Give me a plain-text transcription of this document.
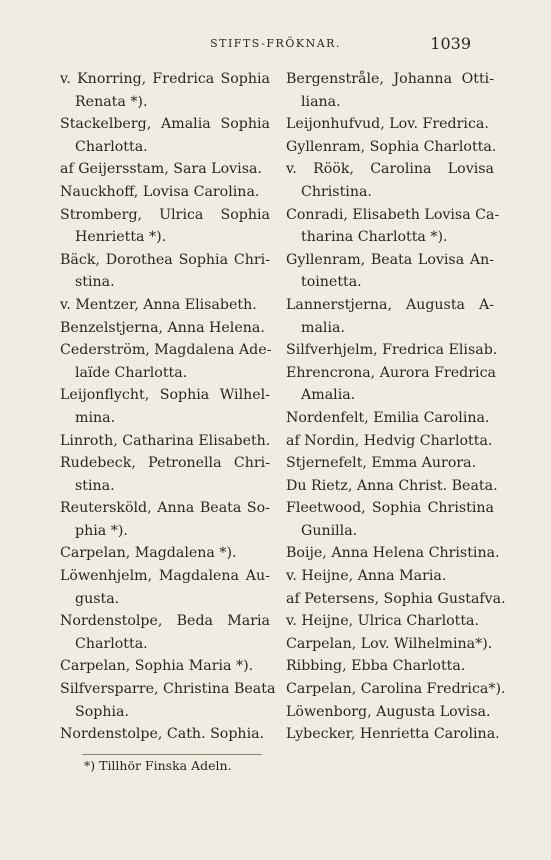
STIFTS-FRÖKNAR.	1039
v. Knorring, Fredrica Sophia
Renata *).
Stackelberg, Amalia Sophia
Charlotta.
af Geijersstam, Sara Lovisa.
Nauckhoff, Lovisa Carolina.
Stromberg, Ulrica Sophia
Henrietta *).
Bäck, Dorothea Sophia Chri-
stina.
v. Mentzer, Anna Elisabeth.
Benzelstjerna, Anna Helena.
Cederström, Magdalena Ade-
laïde Charlotta.
Leijonflycht, Sophia Wilhel-
mina.
Linroth, Catharina Elisabeth.
Rudebeck, Petronella Chri-
stina.
Reutersköld, Anna Beata So-
phia *).
Carpelan, Magdalena *).
Löwenhjelm, Magdalena Au-
gusta.
Nordenstolpe, Beda Maria
Charlotta.
Carpelan, Sophia Maria *).
Silfversparre, Christina Beata
Sophia.
Nordenstolpe, Cath. Sophia.
Bergenstråle, Johanna Otti-
liana.
Leijonhufvud, Lov. Fredrica.
Gyllenram, Sophia Charlotta.
v. Röök, Carolina Lovisa
Christina.
Conradi, Elisabeth Lovisa Ca-
tharina Charlotta *).
Gyllenram, Beata Lovisa An-
toinetta.
Lannerstjerna, Augusta A-
malia.
Silfverhjelm, Fredrica Elisab.
Ehrencrona, Aurora Fredrica
Amalia.
Nordenfelt, Emilia Carolina.
af Nordin, Hedvig Charlotta.
Stjernefelt, Emma Aurora.
Du Rietz, Anna Christ. Beata.
Fleetwood, Sophia Christina
Gunilla.
Boije, Anna Helena Christina.
v. Heijne, Anna Maria.
af Petersens, Sophia Gustafva.
v. Heijne, Ulrica Charlotta.
Carpelan, Lov. Wilhelmina*).
Ribbing, Ebba Charlotta.
Carpelan, Carolina Fredrica*).
Löwenborg, Augusta Lovisa.
Lybecker, Henrietta Carolina.
*) Tillhör Finska Adeln.
